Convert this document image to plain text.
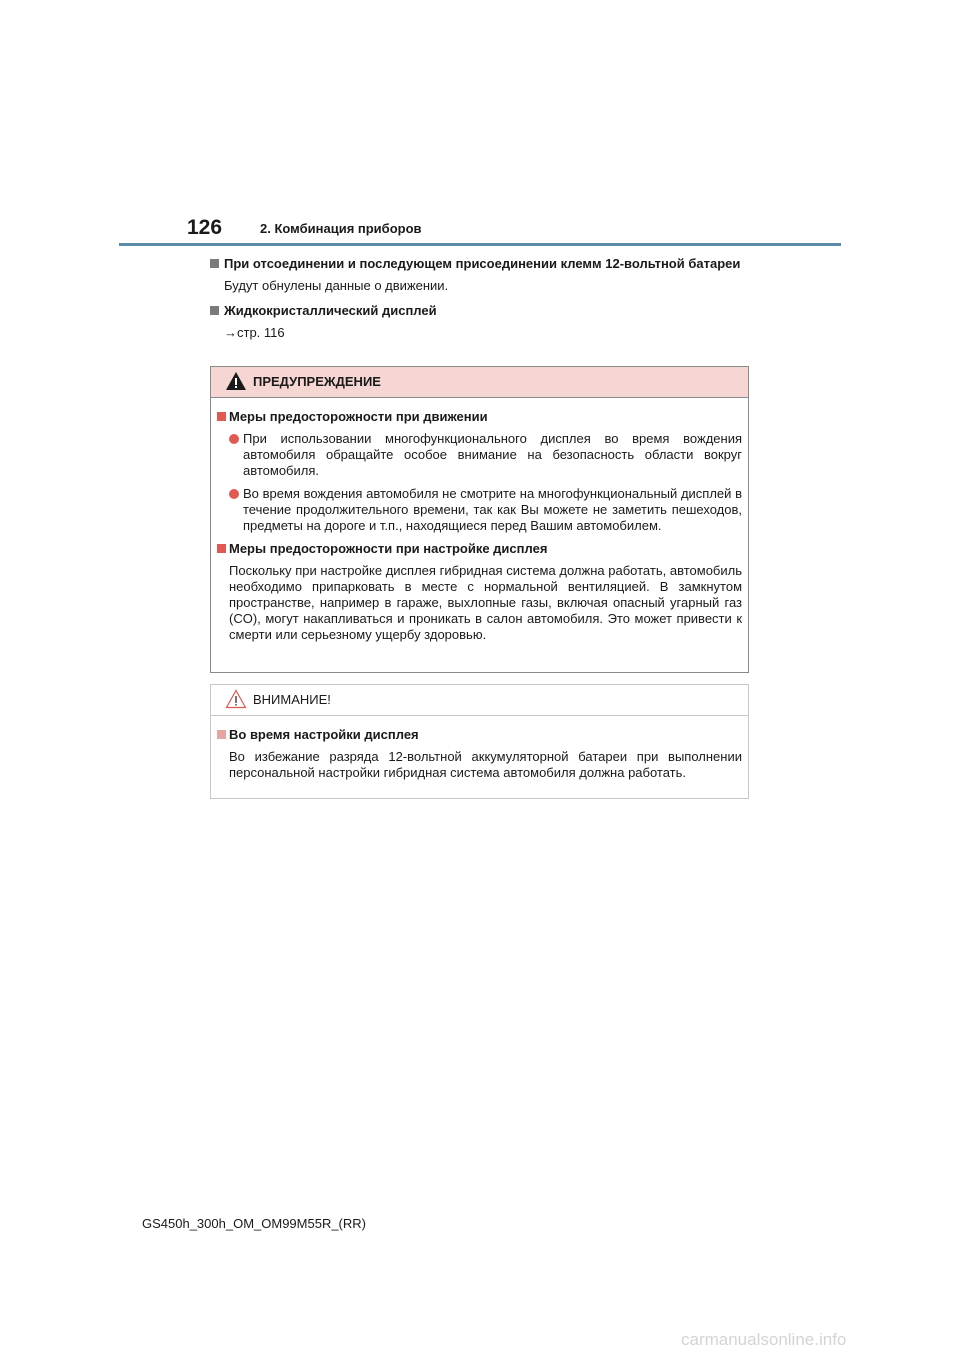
126	2. Комбинация приборов
При отсоединении и последующем присоединении клемм 12-вольтной батареи
Будут обнулены данные о движении.
Жидкокристаллический дисплей
→стр. 116
ПРЕДУПРЕЖДЕНИЕ
Меры предосторожности при движении
При использовании многофункционального дисплея во время вождения автомобиля обращайте особое внимание на безопасность области вокруг автомобиля.
Во время вождения автомобиля не смотрите на многофункциональный дисплей в течение продолжительного времени, так как Вы можете не заметить пешеходов, предметы на дороге и т.п., находящиеся перед Вашим автомобилем.
Меры предосторожности при настройке дисплея
Поскольку при настройке дисплея гибридная система должна работать, автомобиль необходимо припарковать в месте с нормальной вентиляцией. В замкнутом пространстве, например в гараже, выхлопные газы, включая опасный угарный газ (CO), могут накапливаться и проникать в салон автомобиля. Это может привести к смерти или серьезному ущербу здоровью.
ВНИМАНИЕ!
Во время настройки дисплея
Во избежание разряда 12-вольтной аккумуляторной батареи при выполнении персональной настройки гибридная система автомобиля должна работать.
GS450h_300h_OM_OM99M55R_(RR)
carmanualsonline.info
